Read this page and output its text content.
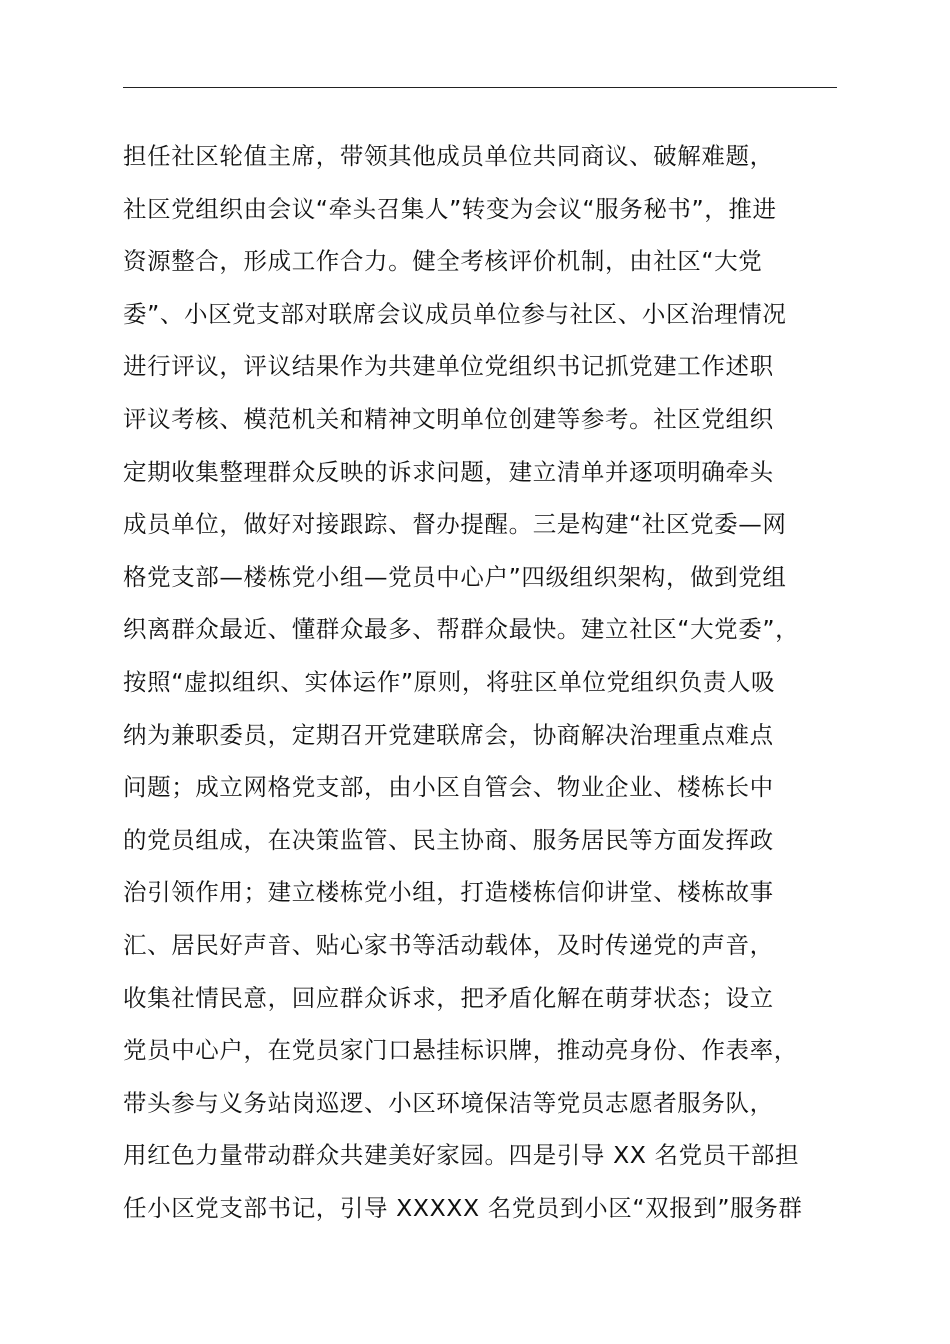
担任社区轮值主席，带领其他成员单位共同商议、破解难题，
社区党组织由会议“牵头召集人”转变为会议“服务秘书”，推进
资源整合，形成工作合力。健全考核评价机制，由社区“大党
委”、小区党支部对联席会议成员单位参与社区、小区治理情况
进行评议，评议结果作为共建单位党组织书记抓党建工作述职
评议考核、模范机关和精神文明单位创建等参考。社区党组织
定期收集整理群众反映的诉求问题，建立清单并逐项明确牵头
成员单位，做好对接跟踪、督办提醒。三是构建“社区党委—网
格党支部—楼栋党小组—党员中心户”四级组织架构，做到党组
织离群众最近、懂群众最多、帮群众最快。建立社区“大党委”，
按照“虚拟组织、实体运作”原则，将驻区单位党组织负责人吸
纳为兼职委员，定期召开党建联席会，协商解决治理重点难点
问题；成立网格党支部，由小区自管会、物业企业、楼栋长中
的党员组成，在决策监管、民主协商、服务居民等方面发挥政
治引领作用；建立楼栋党小组，打造楼栋信仰讲堂、楼栋故事
汇、居民好声音、贴心家书等活动载体，及时传递党的声音，
收集社情民意，回应群众诉求，把矛盾化解在萌芽状态；设立
党员中心户，在党员家门口悬挂标识牌，推动亮身份、作表率，
带头参与义务站岗巡逻、小区环境保洁等党员志愿者服务队，
用红色力量带动群众共建美好家园。四是引导 XX 名党员干部担
任小区党支部书记，引导 XXXXX 名党员到小区“双报到”服务群
